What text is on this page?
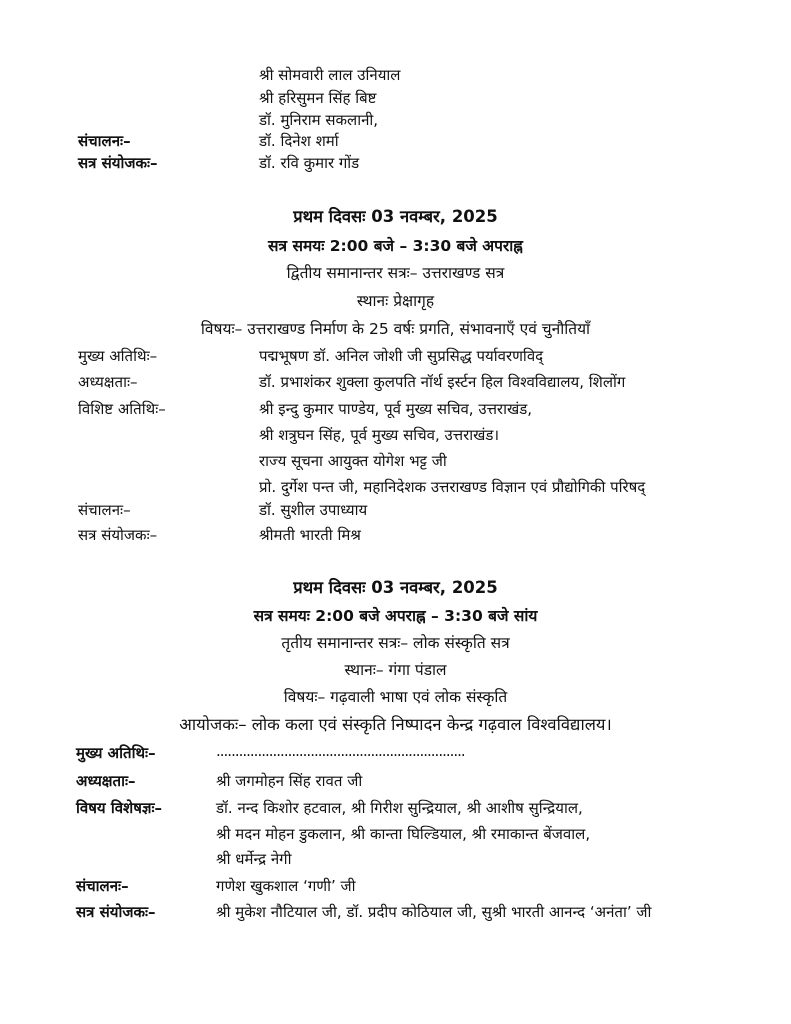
श्री सोमवारी लाल उनियाल
श्री हरिसुमन सिंह बिष्ट
डॉ. मुनिराम सकलानी,
संचालनः–	डॉ. दिनेश शर्मा
सत्र संयोजकः–	डॉ. रवि कुमार गोंड
प्रथम दिवसः 03 नवम्बर, 2025
सत्र समयः 2:00 बजे – 3:30 बजे अपराह्न
द्वितीय समानान्तर सत्रः– उत्तराखण्ड सत्र
स्थानः प्रेक्षागृह
विषयः– उत्तराखण्ड निर्माण के 25 वर्षः प्रगति, संभावनाएँ एवं चुनौतियाँ
मुख्य अतिथिः–	पद्मभूषण डॉ. अनिल जोशी जी सुप्रसिद्ध पर्यावरणविद्
अध्यक्षताः–	डॉ. प्रभाशंकर शुक्ला कुलपति नॉर्थ इर्स्टन हिल विश्वविद्यालय, शिलोंग
विशिष्ट अतिथिः–	श्री इन्दु कुमार पाण्डेय, पूर्व मुख्य सचिव, उत्तराखंड,
श्री शत्रुघन सिंह, पूर्व मुख्य सचिव, उत्तराखंड।
राज्य सूचना आयुक्त योगेश भट्ट जी
प्रो. दुर्गेश पन्त जी, महानिदेशक उत्तराखण्ड विज्ञान एवं प्रौद्योगिकी परिषद्
संचालनः–	डॉ. सुशील उपाध्याय
सत्र संयोजकः–	श्रीमती भारती मिश्र
प्रथम दिवसः 03 नवम्बर, 2025
सत्र समयः 2:00 बजे अपराह्न – 3:30 बजे सांय
तृतीय समानान्तर सत्रः– लोक संस्कृति सत्र
स्थानः– गंगा पंडाल
विषयः– गढ़वाली भाषा एवं लोक संस्कृति
आयोजकः– लोक कला एवं संस्कृति निष्पादन केन्द्र गढ़वाल विश्वविद्यालय।
मुख्य अतिथिः–	..................................................................
अध्यक्षताः–	श्री जगमोहन सिंह रावत जी
विषय विशेषज्ञः–	डॉ. नन्द किशोर हटवाल, श्री गिरीश सुन्द्रियाल, श्री आशीष सुन्द्रियाल,
श्री मदन मोहन डुकलान, श्री कान्ता घिल्डियाल, श्री रमाकान्त बेंजवाल,
श्री धर्मेन्द्र नेगी
संचालनः–	गणेश खुकशाल ‘गणी’ जी
सत्र संयोजकः–	श्री मुकेश नौटियाल जी, डॉ. प्रदीप कोठियाल जी, सुश्री भारती आनन्द ‘अनंता’ जी
